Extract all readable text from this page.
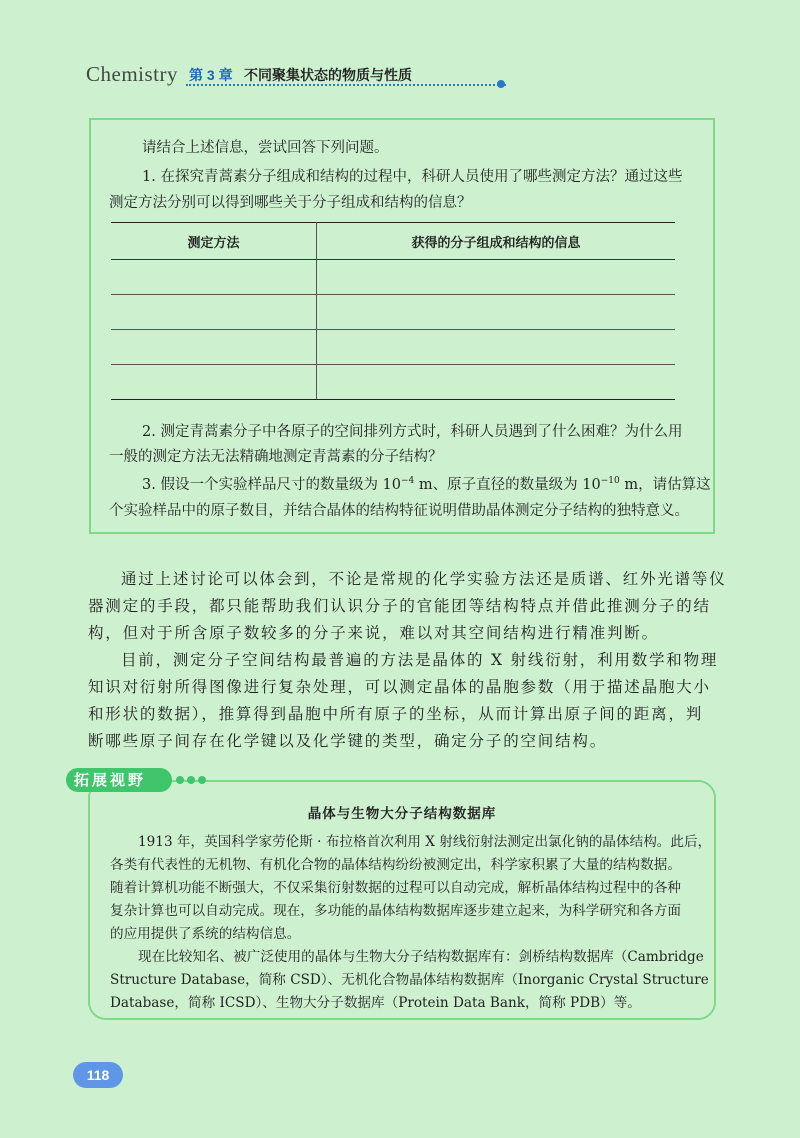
Chemistry 第 3 章 不同聚集状态的物质与性质
请结合上述信息，尝试回答下列问题。
1. 在探究青蒿素分子组成和结构的过程中，科研人员使用了哪些测定方法？通过这些
测定方法分别可以得到哪些关于分子组成和结构的信息？
测定方法	获得的分子组成和结构的信息

2. 测定青蒿素分子中各原子的空间排列方式时，科研人员遇到了什么困难？为什么用
一般的测定方法无法精确地测定青蒿素的分子结构？
3. 假设一个实验样品尺寸的数量级为 $10^{-4}$ m、原子直径的数量级为 $10^{-10}$ m，请估算这
个实验样品中的原子数目，并结合晶体的结构特征说明借助晶体测定分子结构的独特意义。
通过上述讨论可以体会到，不论是常规的化学实验方法还是质谱、红外光谱等仪
器测定的手段，都只能帮助我们认识分子的官能团等结构特点并借此推测分子的结
构，但对于所含原子数较多的分子来说，难以对其空间结构进行精准判断。
目前，测定分子空间结构最普遍的方法是晶体的 X 射线衍射，利用数学和物理
知识对衍射所得图像进行复杂处理，可以测定晶体的晶胞参数（用于描述晶胞大小
和形状的数据），推算得到晶胞中所有原子的坐标，从而计算出原子间的距离，判
断哪些原子间存在化学键以及化学键的类型，确定分子的空间结构。
晶体与生物大分子结构数据库
1913 年，英国科学家劳伦斯 · 布拉格首次利用 X 射线衍射法测定出氯化钠的晶体结构。此后，
各类有代表性的无机物、有机化合物的晶体结构纷纷被测定出，科学家积累了大量的结构数据。
随着计算机功能不断强大，不仅采集衍射数据的过程可以自动完成，解析晶体结构过程中的各种
复杂计算也可以自动完成。现在，多功能的晶体结构数据库逐步建立起来，为科学研究和各方面
的应用提供了系统的结构信息。
现在比较知名、被广泛使用的晶体与生物大分子结构数据库有：剑桥结构数据库（Cambridge
Structure Database，简称 CSD）、无机化合物晶体结构数据库（Inorganic Crystal Structure
Database，简称 ICSD）、生物大分子数据库（Protein Data Bank，简称 PDB）等。
拓展视野
118
